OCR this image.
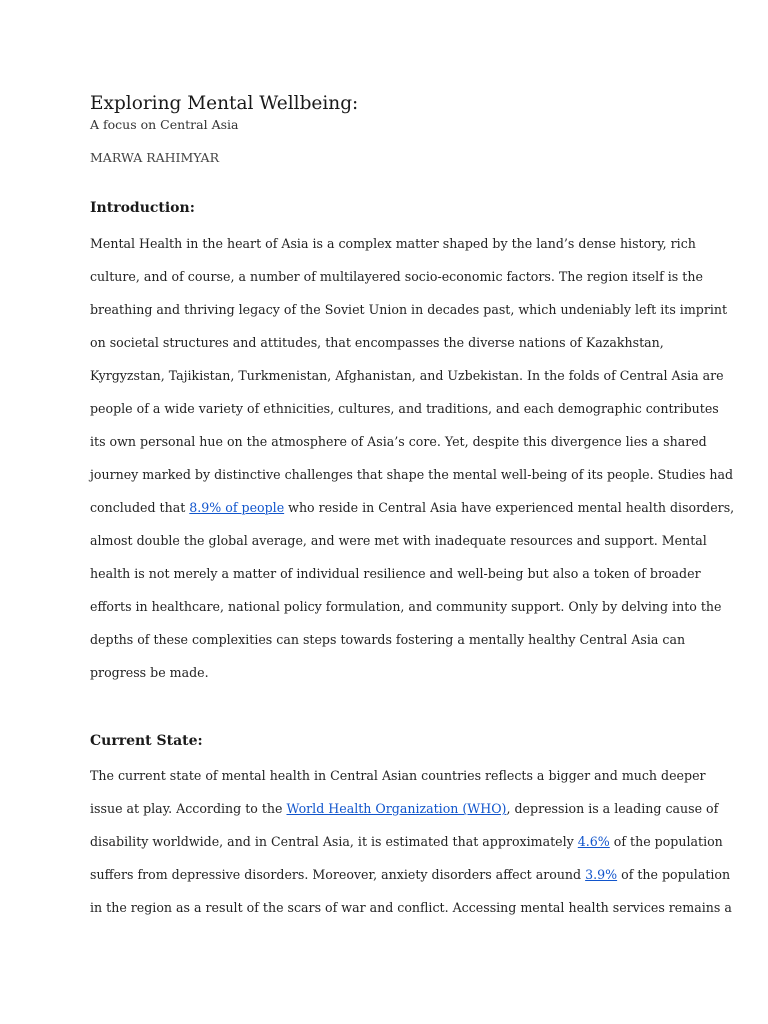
Exploring Mental Wellbeing:
A focus on Central Asia
MARWA RAHIMYAR
Introduction:
Mental Health in the heart of Asia is a complex matter shaped by the land’s dense history, rich
culture, and of course, a number of multilayered socio-economic factors. The region itself is the
breathing and thriving legacy of the Soviet Union in decades past, which undeniably left its imprint
on societal structures and attitudes, that encompasses the diverse nations of Kazakhstan,
Kyrgyzstan, Tajikistan, Turkmenistan, Afghanistan, and Uzbekistan. In the folds of Central Asia are
people of a wide variety of ethnicities, cultures, and traditions, and each demographic contributes
its own personal hue on the atmosphere of Asia’s core. Yet, despite this divergence lies a shared
journey marked by distinctive challenges that shape the mental well-being of its people. Studies had
concluded that 8.9% of people who reside in Central Asia have experienced mental health disorders,
almost double the global average, and were met with inadequate resources and support. Mental
health is not merely a matter of individual resilience and well-being but also a token of broader
efforts in healthcare, national policy formulation, and community support. Only by delving into the
depths of these complexities can steps towards fostering a mentally healthy Central Asia can
progress be made.
Current State:
The current state of mental health in Central Asian countries reflects a bigger and much deeper
issue at play. According to the World Health Organization (WHO), depression is a leading cause of
disability worldwide, and in Central Asia, it is estimated that approximately 4.6% of the population
suffers from depressive disorders. Moreover, anxiety disorders affect around 3.9% of the population
in the region as a result of the scars of war and conflict. Accessing mental health services remains a
